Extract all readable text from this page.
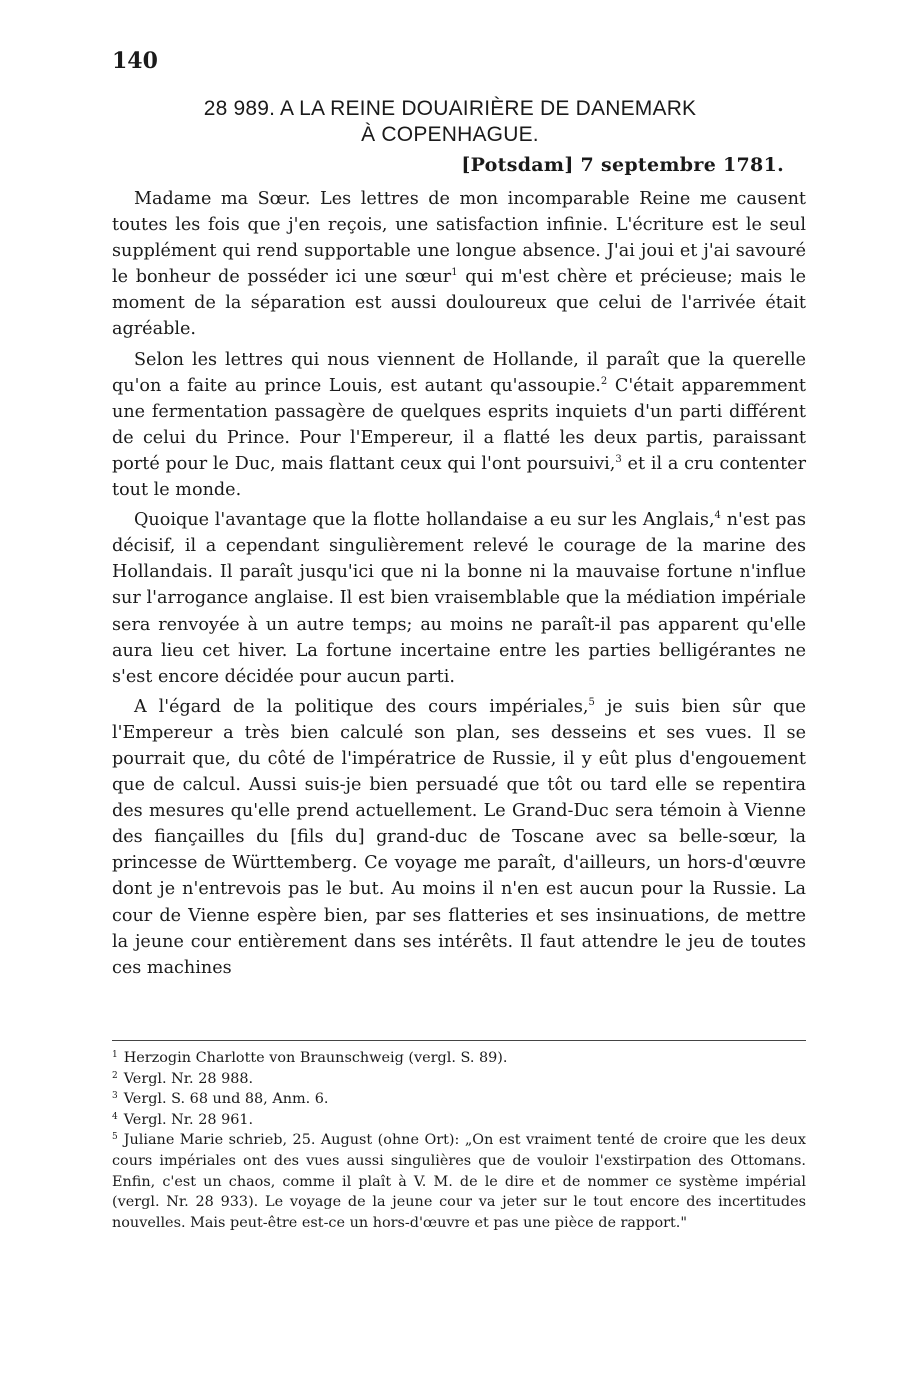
140
28 989. A LA REINE DOUAIRIÈRE DE DANEMARK
À COPENHAGUE.
[Potsdam] 7 septembre 1781.

Madame ma Sœur. Les lettres de mon incomparable Reine me causent toutes les fois que j'en reçois, une satisfaction infinie. L'écriture est le seul supplément qui rend supportable une longue absence. J'ai joui et j'ai savouré le bonheur de posséder ici une sœur$^1$ qui m'est chère et précieuse; mais le moment de la séparation est aussi douloureux que celui de l'arrivée était agréable.

Selon les lettres qui nous viennent de Hollande, il paraît que la querelle qu'on a faite au prince Louis, est autant qu'assoupie.$^2$ C'était apparemment une fermentation passagère de quelques esprits inquiets d'un parti différent de celui du Prince. Pour l'Empereur, il a flatté les deux partis, paraissant porté pour le Duc, mais flattant ceux qui l'ont poursuivi,$^3$ et il a cru contenter tout le monde.

Quoique l'avantage que la flotte hollandaise a eu sur les Anglais,$^4$ n'est pas décisif, il a cependant singulièrement relevé le courage de la marine des Hollandais. Il paraît jusqu'ici que ni la bonne ni la mauvaise fortune n'influe sur l'arrogance anglaise. Il est bien vraisemblable que la médiation impériale sera renvoyée à un autre temps; au moins ne paraît-il pas apparent qu'elle aura lieu cet hiver. La fortune incertaine entre les parties belligérantes ne s'est encore décidée pour aucun parti.

A l'égard de la politique des cours impériales,$^5$ je suis bien sûr que l'Empereur a très bien calculé son plan, ses desseins et ses vues. Il se pourrait que, du côté de l'impératrice de Russie, il y eût plus d'engouement que de calcul. Aussi suis-je bien persuadé que tôt ou tard elle se repentira des mesures qu'elle prend actuellement. Le Grand-Duc sera témoin à Vienne des fiançailles du [fils du] grand-duc de Toscane avec sa belle-sœur, la princesse de Württemberg. Ce voyage me paraît, d'ailleurs, un hors-d'œuvre dont je n'entrevois pas le but. Au moins il n'en est aucun pour la Russie. La cour de Vienne espère bien, par ses flatteries et ses insinuations, de mettre la jeune cour entièrement dans ses intérêts. Il faut attendre le jeu de toutes ces machines

$^1$ Herzogin Charlotte von Braunschweig (vergl. S. 89).

$^2$ Vergl. Nr. 28 988.

$^3$ Vergl. S. 68 und 88, Anm. 6.

$^4$ Vergl. Nr. 28 961.

$^5$ Juliane Marie schrieb, 25. August (ohne Ort): „On est vraiment tenté de croire que les deux cours impériales ont des vues aussi singulières que de vouloir l'exstirpation des Ottomans. Enfin, c'est un chaos, comme il plaît à V. M. de le dire et de nommer ce système impérial (vergl. Nr. 28 933). Le voyage de la jeune cour va jeter sur le tout encore des incertitudes nouvelles. Mais peut-être est-ce un hors-d'œuvre et pas une pièce de rapport."
